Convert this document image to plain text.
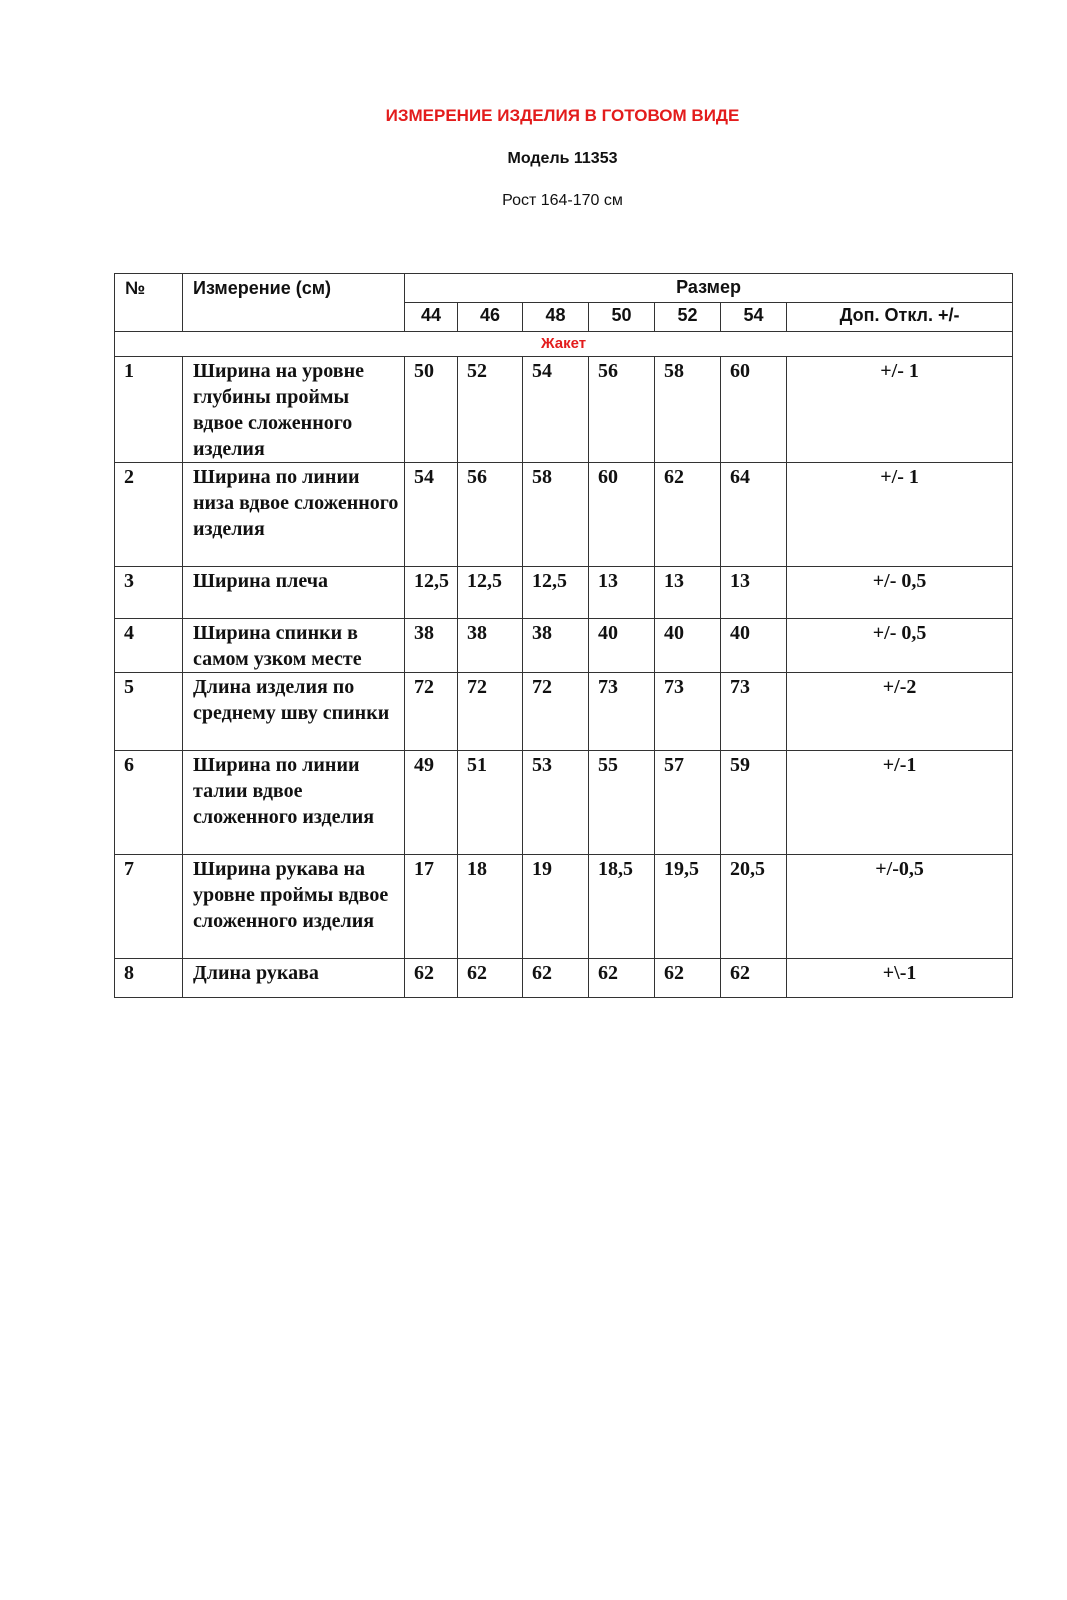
ИЗМЕРЕНИЕ ИЗДЕЛИЯ В ГОТОВОМ ВИДЕ
Модель 11353
Рост 164-170 см
№	Измерение (см)	Размер						
		44	46	48	50	52	54	Доп. Откл. +/-
Жакет								
1	Ширина на уровне глубины проймы вдвое сложенного изделия	50	52	54	56	58	60	+/- 1
2	Ширина по линии низа вдвое сложенного изделия	54	56	58	60	62	64	+/- 1
3	Ширина плеча	12,5	12,5	12,5	13	13	13	+/- 0,5
4	Ширина спинки в самом узком месте	38	38	38	40	40	40	+/- 0,5
5	Длина изделия по среднему шву спинки	72	72	72	73	73	73	+/-2
6	Ширина по линии талии вдвое сложенного изделия	49	51	53	55	57	59	+/-1
7	Ширина рукава на уровне проймы вдвое сложенного изделия	17	18	19	18,5	19,5	20,5	+/-0,5
8	Длина рукава	62	62	62	62	62	62	+\-1
